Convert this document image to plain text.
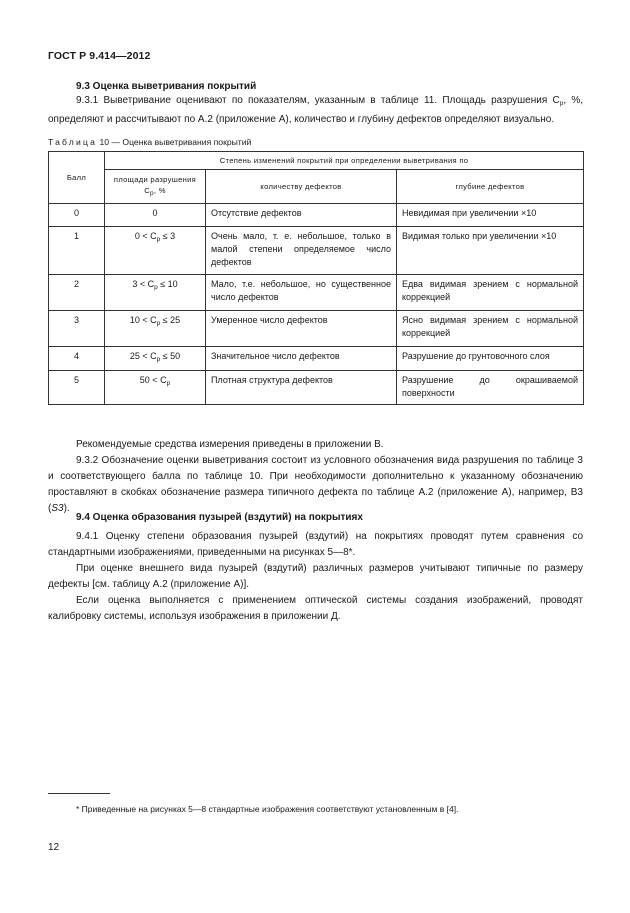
ГОСТ Р 9.414—2012
9.3 Оценка выветривания покрытий

9.3.1 Выветривание оценивают по показателям, указанным в таблице 11. Площадь разрушения $C_p$, %, определяют и рассчитывают по А.2 (приложение А), количество и глубину дефектов определяют визуально.

Таблица 10 — Оценка выветривания покрытий
Балл	Степень изменений покрытий при определении выветривания по		
	площади разрушения Cp, %	количеству дефектов	глубине дефектов
0	0	Отсутствие дефектов	Невидимая при увеличении ×10
1	$0 < C_p \le 3$	Очень мало, т. е. небольшое, только в малой степени определяемое число дефектов	Видимая только при увеличении ×10
2	$3 < C_p \le 10$	Мало, т.е. небольшое, но существенное число дефектов	Едва видимая зрением с нормальной коррекцией
3	$10 < C_p \le 25$	Умеренное число дефектов	Ясно видимая зрением с нормальной коррекцией
4	$25 < C_p \le 50$	Значительное число дефектов	Разрушение до грунтовочного слоя
5	$50 < C_p$	Плотная структура дефектов	Разрушение до окрашиваемой поверхности

Рекомендуемые средства измерения приведены в приложении В.

9.3.2 Обозначение оценки выветривания состоит из условного обозначения вида разрушения по таблице 3 и соответствующего балла по таблице 10. При необходимости дополнительно к указанному обозначению проставляют в скобках обозначение размера типичного дефекта по таблице А.2 (приложение А), например, В3 (S3).

9.4 Оценка образования пузырей (вздутий) на покрытиях

9.4.1 Оценку степени образования пузырей (вздутий) на покрытиях проводят путем сравнения со стандартными изображениями, приведенными на рисунках 5—8*.

При оценке внешнего вида пузырей (вздутий) различных размеров учитывают типичные по размеру дефекты [см. таблицу А.2 (приложение А)].

Если оценка выполняется с применением оптической системы создания изображений, проводят калибровку системы, используя изображения в приложении Д.

* Приведенные на рисунках 5—8 стандартные изображения соответствуют установленным в [4].
12
